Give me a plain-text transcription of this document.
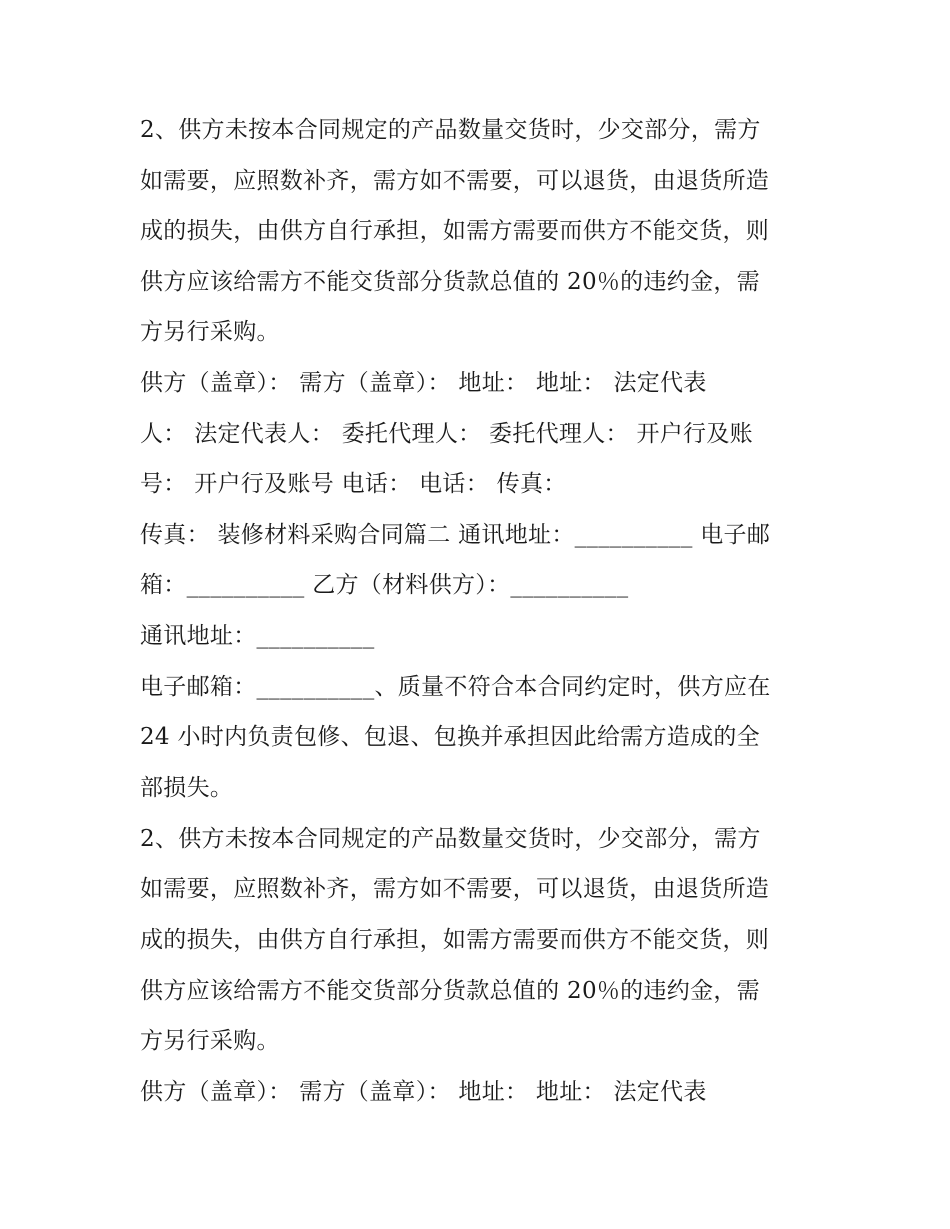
2、供方未按本合同规定的产品数量交货时，少交部分，需方
如需要，应照数补齐，需方如不需要，可以退货，由退货所造
成的损失，由供方自行承担，如需方需要而供方不能交货，则
供方应该给需方不能交货部分货款总值的 20％的违约金，需
方另行采购。
供方（盖章）： 需方（盖章）： 地址： 地址： 法定代表
人： 法定代表人： 委托代理人： 委托代理人： 开户行及账
号： 开户行及账号 电话： 电话： 传真：
传真： 装修材料采购合同篇二 通讯地址：__________ 电子邮
箱：__________ 乙方（材料供方）：__________
通讯地址：__________
电子邮箱：__________、质量不符合本合同约定时，供方应在
24 小时内负责包修、包退、包换并承担因此给需方造成的全
部损失。
2、供方未按本合同规定的产品数量交货时，少交部分，需方
如需要，应照数补齐，需方如不需要，可以退货，由退货所造
成的损失，由供方自行承担，如需方需要而供方不能交货，则
供方应该给需方不能交货部分货款总值的 20％的违约金，需
方另行采购。
供方（盖章）： 需方（盖章）： 地址： 地址： 法定代表
